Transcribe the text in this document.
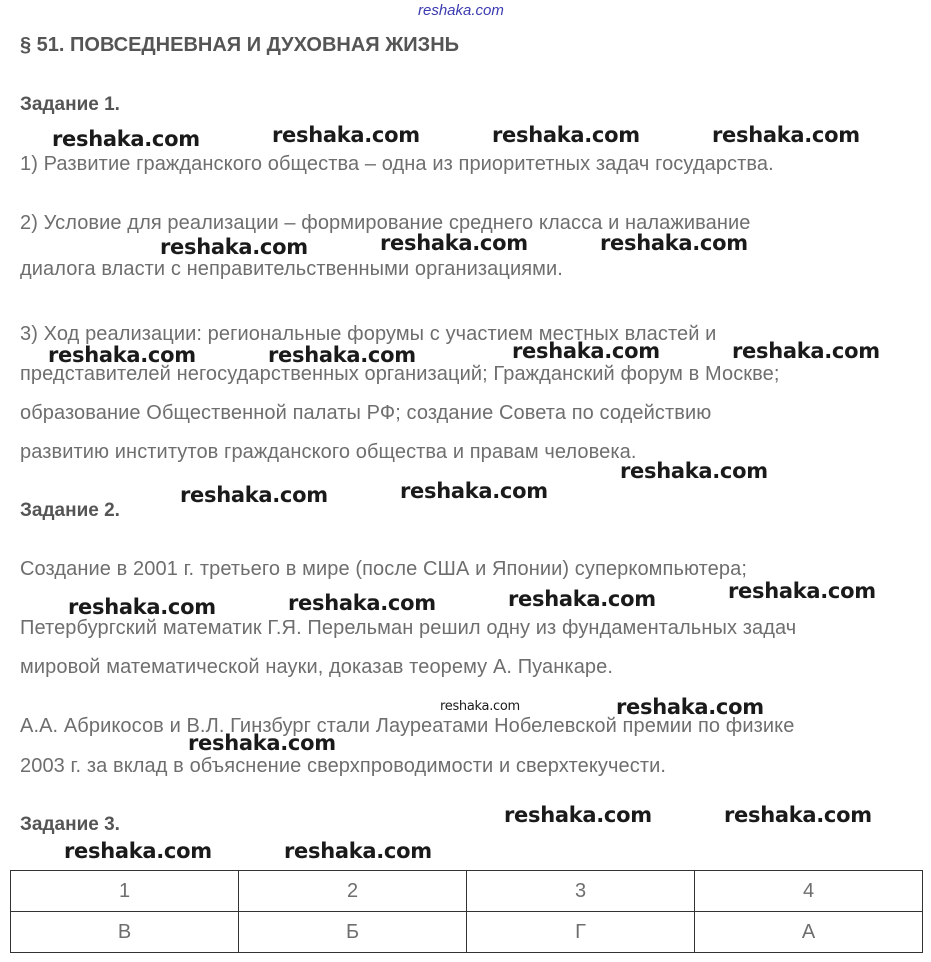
reshaka.com
§ 51. ПОВСЕДНЕВНАЯ И ДУХОВНАЯ ЖИЗНЬ
Задание 1.
1) Развитие гражданского общества – одна из приоритетных задач государства.
2) Условие для реализации – формирование среднего класса и налаживание
диалога власти с неправительственными организациями.
3) Ход реализации: региональные форумы с участием местных властей и
представителей негосударственных организаций; Гражданский форум в Москве;
образование Общественной палаты РФ; создание Совета по содействию
развитию институтов гражданского общества и правам человека.
Задание 2.
Создание в 2001 г. третьего в мире (после США и Японии) суперкомпьютера;
Петербургский математик Г.Я. Перельман решил одну из фундаментальных задач
мировой математической науки, доказав теорему А. Пуанкаре.
А.А. Абрикосов и В.Л. Гинзбург стали Лауреатами Нобелевской премии по физике
2003 г. за вклад в объяснение сверхпроводимости и сверхтекучести.
Задание 3.
1	2	3	4
В	Б	Г	А
reshaka.com	reshaka.com	reshaka.com	reshaka.com
reshaka.com	reshaka.com	reshaka.com
reshaka.com	reshaka.com	reshaka.com	reshaka.com
reshaka.com
reshaka.com	reshaka.com
reshaka.com
reshaka.com	reshaka.com	reshaka.com
reshaka.com	reshaka.com
reshaka.com
reshaka.com	reshaka.com
reshaka.com	reshaka.com
